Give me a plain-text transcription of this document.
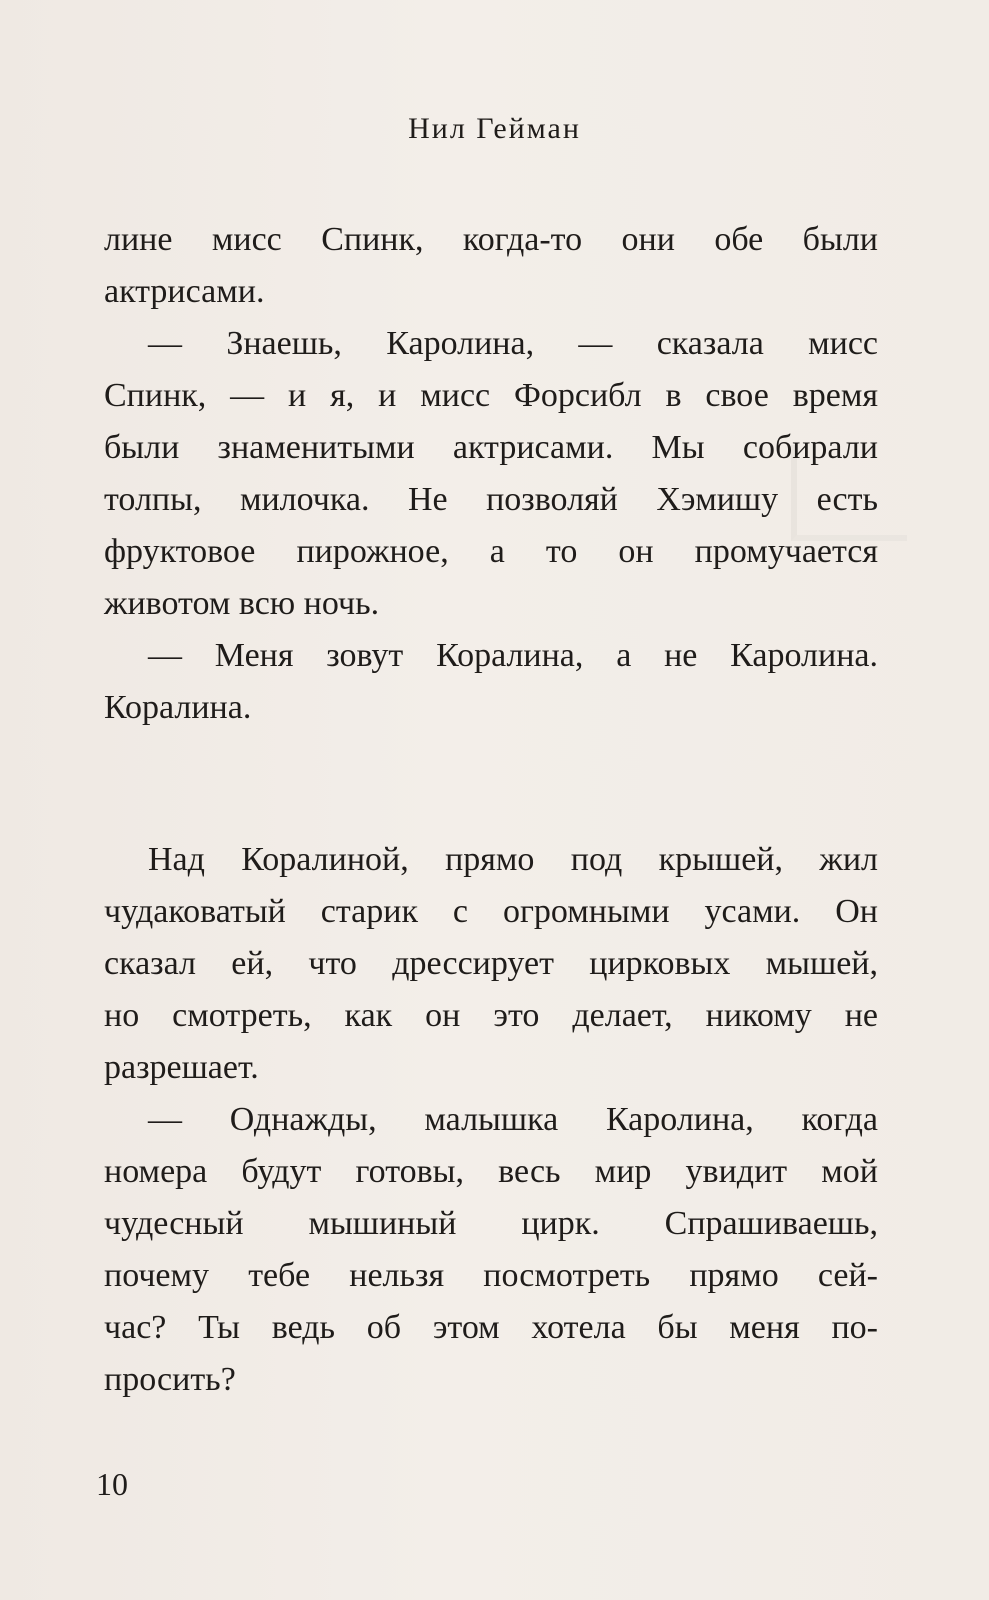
Нил Гейман
лине мисс Спинк, когда-то они обе были
актрисами.
— Знаешь, Каролина, — сказала мисс
Спинк, — и я, и мисс Форсибл в свое время
были знаменитыми актрисами. Мы собирали
толпы, милочка. Не позволяй Хэмишу есть
фруктовое пирожное, а то он промучается
животом всю ночь.
— Меня зовут Коралина, а не Каролина.
Коралина.
Над Коралиной, прямо под крышей, жил
чудаковатый старик с огромными усами. Он
сказал ей, что дрессирует цирковых мышей,
но смотреть, как он это делает, никому не
разрешает.
— Однажды, малышка Каролина, когда
номера будут готовы, весь мир увидит мой
чудесный мышиный цирк. Спрашиваешь,
почему тебе нельзя посмотреть прямо сей-
час? Ты ведь об этом хотела бы меня по-
просить?
10
